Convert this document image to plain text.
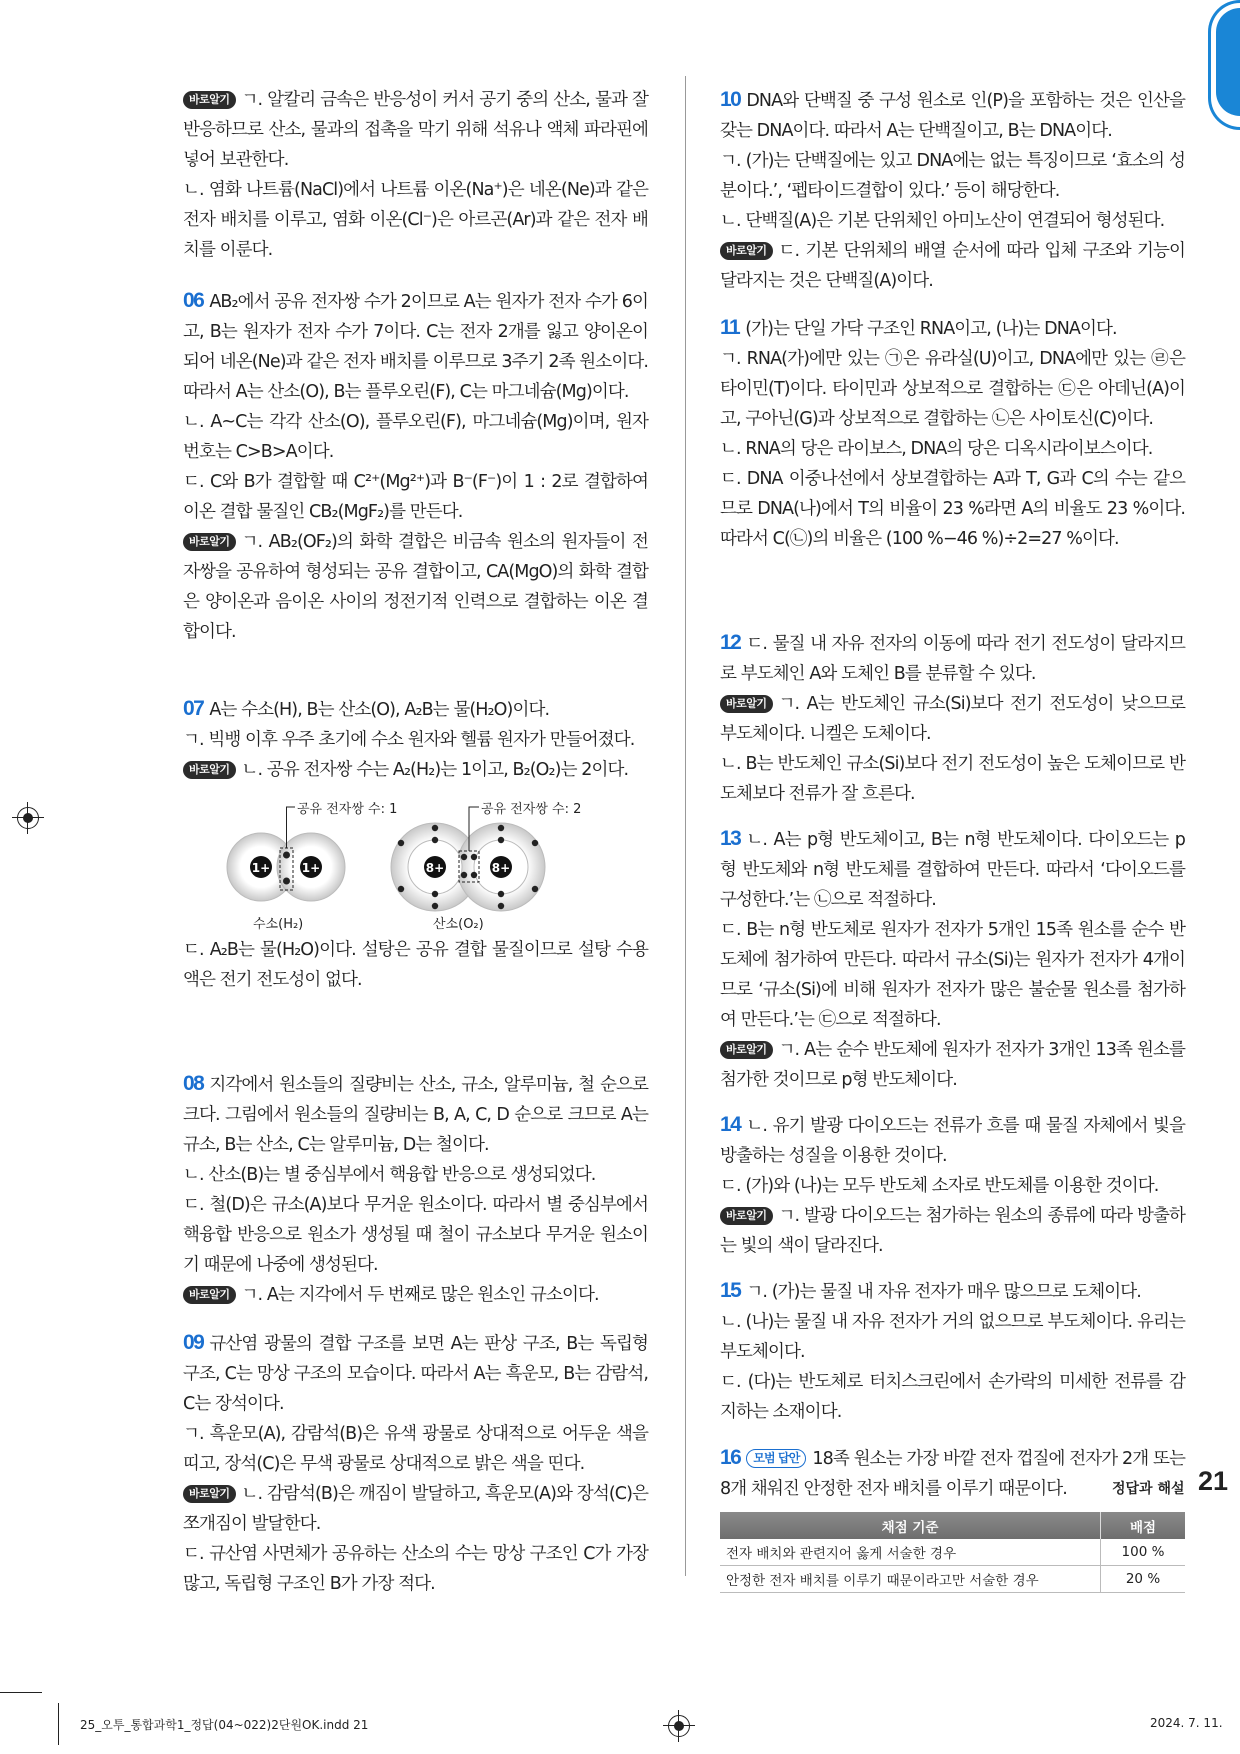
바로알기 ㄱ. 알칼리 금속은 반응성이 커서 공기 중의 산소, 물과 잘 반응하므로 산소, 물과의 접촉을 막기 위해 석유나 액체 파라핀에 넣어 보관한다.

ㄴ. 염화 나트륨(NaCl)에서 나트륨 이온(Na⁺)은 네온(Ne)과 같은 전자 배치를 이루고, 염화 이온(Cl⁻)은 아르곤(Ar)과 같은 전자 배치를 이룬다.

06 AB₂에서 공유 전자쌍 수가 2이므로 A는 원자가 전자 수가 6이고, B는 원자가 전자 수가 7이다. C는 전자 2개를 잃고 양이온이 되어 네온(Ne)과 같은 전자 배치를 이루므로 3주기 2족 원소이다. 따라서 A는 산소(O), B는 플루오린(F), C는 마그네슘(Mg)이다.

ㄴ. A~C는 각각 산소(O), 플루오린(F), 마그네슘(Mg)이며, 원자 번호는 C>B>A이다.

ㄷ. C와 B가 결합할 때 C²⁺(Mg²⁺)과 B⁻(F⁻)이 1 : 2로 결합하여 이온 결합 물질인 CB₂(MgF₂)를 만든다.

바로알기 ㄱ. AB₂(OF₂)의 화학 결합은 비금속 원소의 원자들이 전자쌍을 공유하여 형성되는 공유 결합이고, CA(MgO)의 화학 결합은 양이온과 음이온 사이의 정전기적 인력으로 결합하는 이온 결합이다.

07 A는 수소(H), B는 산소(O), A₂B는 물(H₂O)이다.

ㄱ. 빅뱅 이후 우주 초기에 수소 원자와 헬륨 원자가 만들어졌다.

바로알기 ㄴ. 공유 전자쌍 수는 A₂(H₂)는 1이고, B₂(O₂)는 2이다.

1+	1+	8+	8+
공유 전자쌍 수: 1	공유 전자쌍 수: 2
수소(H₂)	산소(O₂)

ㄷ. A₂B는 물(H₂O)이다. 설탕은 공유 결합 물질이므로 설탕 수용액은 전기 전도성이 없다.

08 지각에서 원소들의 질량비는 산소, 규소, 알루미늄, 철 순으로 크다. 그림에서 원소들의 질량비는 B, A, C, D 순으로 크므로 A는 규소, B는 산소, C는 알루미늄, D는 철이다.

ㄴ. 산소(B)는 별 중심부에서 핵융합 반응으로 생성되었다.

ㄷ. 철(D)은 규소(A)보다 무거운 원소이다. 따라서 별 중심부에서 핵융합 반응으로 원소가 생성될 때 철이 규소보다 무거운 원소이기 때문에 나중에 생성된다.

바로알기 ㄱ. A는 지각에서 두 번째로 많은 원소인 규소이다.

09 규산염 광물의 결합 구조를 보면 A는 판상 구조, B는 독립형 구조, C는 망상 구조의 모습이다. 따라서 A는 흑운모, B는 감람석, C는 장석이다.

ㄱ. 흑운모(A), 감람석(B)은 유색 광물로 상대적으로 어두운 색을 띠고, 장석(C)은 무색 광물로 상대적으로 밝은 색을 띤다.

바로알기 ㄴ. 감람석(B)은 깨짐이 발달하고, 흑운모(A)와 장석(C)은 쪼개짐이 발달한다.

ㄷ. 규산염 사면체가 공유하는 산소의 수는 망상 구조인 C가 가장 많고, 독립형 구조인 B가 가장 적다.

10 DNA와 단백질 중 구성 원소로 인(P)을 포함하는 것은 인산을 갖는 DNA이다. 따라서 A는 단백질이고, B는 DNA이다.

ㄱ. (가)는 단백질에는 있고 DNA에는 없는 특징이므로 ‘효소의 성분이다.’, ‘펩타이드결합이 있다.’ 등이 해당한다.

ㄴ. 단백질(A)은 기본 단위체인 아미노산이 연결되어 형성된다.

바로알기 ㄷ. 기본 단위체의 배열 순서에 따라 입체 구조와 기능이 달라지는 것은 단백질(A)이다.

11 (가)는 단일 가닥 구조인 RNA이고, (나)는 DNA이다.

ㄱ. RNA(가)에만 있는 ㉠은 유라실(U)이고, DNA에만 있는 ㉣은 타이민(T)이다. 타이민과 상보적으로 결합하는 ㉢은 아데닌(A)이고, 구아닌(G)과 상보적으로 결합하는 ㉡은 사이토신(C)이다.

ㄴ. RNA의 당은 라이보스, DNA의 당은 디옥시라이보스이다.

ㄷ. DNA 이중나선에서 상보결합하는 A과 T, G과 C의 수는 같으므로 DNA(나)에서 T의 비율이 23 %라면 A의 비율도 23 %이다. 따라서 C(㉡)의 비율은 (100 %−46 %)÷2=27 %이다.

12 ㄷ. 물질 내 자유 전자의 이동에 따라 전기 전도성이 달라지므로 부도체인 A와 도체인 B를 분류할 수 있다.

바로알기 ㄱ. A는 반도체인 규소(Si)보다 전기 전도성이 낮으므로 부도체이다. 니켈은 도체이다.

ㄴ. B는 반도체인 규소(Si)보다 전기 전도성이 높은 도체이므로 반도체보다 전류가 잘 흐른다.

13 ㄴ. A는 p형 반도체이고, B는 n형 반도체이다. 다이오드는 p형 반도체와 n형 반도체를 결합하여 만든다. 따라서 ‘다이오드를 구성한다.’는 ㉡으로 적절하다.

ㄷ. B는 n형 반도체로 원자가 전자가 5개인 15족 원소를 순수 반도체에 첨가하여 만든다. 따라서 규소(Si)는 원자가 전자가 4개이므로 ‘규소(Si)에 비해 원자가 전자가 많은 불순물 원소를 첨가하여 만든다.’는 ㉢으로 적절하다.

바로알기 ㄱ. A는 순수 반도체에 원자가 전자가 3개인 13족 원소를 첨가한 것이므로 p형 반도체이다.

14 ㄴ. 유기 발광 다이오드는 전류가 흐를 때 물질 자체에서 빛을 방출하는 성질을 이용한 것이다.

ㄷ. (가)와 (나)는 모두 반도체 소자로 반도체를 이용한 것이다.

바로알기 ㄱ. 발광 다이오드는 첨가하는 원소의 종류에 따라 방출하는 빛의 색이 달라진다.

15 ㄱ. (가)는 물질 내 자유 전자가 매우 많으므로 도체이다.

ㄴ. (나)는 물질 내 자유 전자가 거의 없으므로 부도체이다. 유리는 부도체이다.

ㄷ. (다)는 반도체로 터치스크린에서 손가락의 미세한 전류를 감지하는 소재이다.

16 모범 답안 18족 원소는 가장 바깥 전자 껍질에 전자가 2개 또는 8개 채워진 안정한 전자 배치를 이루기 때문이다.

채점 기준	배점
전자 배치와 관련지어 옳게 서술한 경우	100 %
안정한 전자 배치를 이루기 때문이라고만 서술한 경우	20 %
정답과 해설 21
25_오투_통합과학1_정답(04~022)2단원OK.indd 21	2024. 7. 11.
